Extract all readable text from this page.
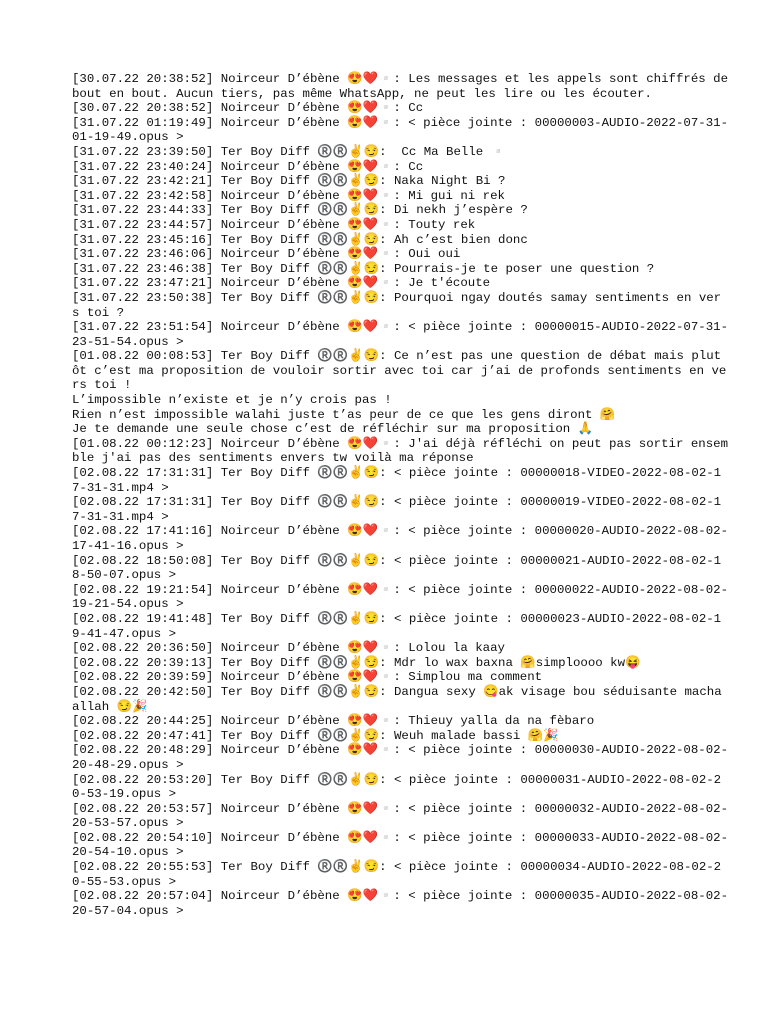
[30.07.22 20:38:52] Noirceur D’ébène 😍❤️▫️: Les messages et les appels sont chiffrés de bout en bout. Aucun tiers, pas même WhatsApp, ne peut les lire ou les écouter.
[30.07.22 20:38:52] Noirceur D’ébène 😍❤️▫️: Cc
[31.07.22 01:19:49] Noirceur D’ébène 😍❤️▫️: < pièce jointe : 00000003-AUDIO-2022-07-31-01-19-49.opus >
[31.07.22 23:39:50] Ter Boy Diff ®️®️✌️😏:  Cc Ma Belle ▫️
[31.07.22 23:40:24] Noirceur D’ébène 😍❤️▫️: Cc
[31.07.22 23:42:21] Ter Boy Diff ®️®️✌️😏: Naka Night Bi ?
[31.07.22 23:42:58] Noirceur D’ébène 😍❤️▫️: Mi gui ni rek
[31.07.22 23:44:33] Ter Boy Diff ®️®️✌️😏: Di nekh j’espère ?
[31.07.22 23:44:57] Noirceur D’ébène 😍❤️▫️: Touty rek
[31.07.22 23:45:16] Ter Boy Diff ®️®️✌️😏: Ah c’est bien donc
[31.07.22 23:46:06] Noirceur D’ébène 😍❤️▫️: Oui oui
[31.07.22 23:46:38] Ter Boy Diff ®️®️✌️😏: Pourrais-je te poser une question ?
[31.07.22 23:47:21] Noirceur D’ébène 😍❤️▫️: Je t'écoute
[31.07.22 23:50:38] Ter Boy Diff ®️®️✌️😏: Pourquoi ngay doutés samay sentiments en vers toi ?
[31.07.22 23:51:54] Noirceur D’ébène 😍❤️▫️: < pièce jointe : 00000015-AUDIO-2022-07-31-23-51-54.opus >
[01.08.22 00:08:53] Ter Boy Diff ®️®️✌️😏: Ce n’est pas une question de débat mais plutôt c’est ma proposition de vouloir sortir avec toi car j’ai de profonds sentiments en vers toi !
L’impossible n’existe et je n’y crois pas !
Rien n’est impossible walahi juste t’as peur de ce que les gens diront 🤗
Je te demande une seule chose c’est de réfléchir sur ma proposition 🙏
[01.08.22 00:12:23] Noirceur D’ébène 😍❤️▫️: J'ai déjà réfléchi on peut pas sortir ensemble j'ai pas des sentiments envers tw voilà ma réponse
[02.08.22 17:31:31] Ter Boy Diff ®️®️✌️😏: < pièce jointe : 00000018-VIDEO-2022-08-02-17-31-31.mp4 >
[02.08.22 17:31:31] Ter Boy Diff ®️®️✌️😏: < pièce jointe : 00000019-VIDEO-2022-08-02-17-31-31.mp4 >
[02.08.22 17:41:16] Noirceur D’ébène 😍❤️▫️: < pièce jointe : 00000020-AUDIO-2022-08-02-17-41-16.opus >
[02.08.22 18:50:08] Ter Boy Diff ®️®️✌️😏: < pièce jointe : 00000021-AUDIO-2022-08-02-18-50-07.opus >
[02.08.22 19:21:54] Noirceur D’ébène 😍❤️▫️: < pièce jointe : 00000022-AUDIO-2022-08-02-19-21-54.opus >
[02.08.22 19:41:48] Ter Boy Diff ®️®️✌️😏: < pièce jointe : 00000023-AUDIO-2022-08-02-19-41-47.opus >
[02.08.22 20:36:50] Noirceur D’ébène 😍❤️▫️: Lolou la kaay
[02.08.22 20:39:13] Ter Boy Diff ®️®️✌️😏: Mdr lo wax baxna 🤗simploooo kw😝
[02.08.22 20:39:59] Noirceur D’ébène 😍❤️▫️: Simplou ma comment
[02.08.22 20:42:50] Ter Boy Diff ®️®️✌️😏: Dangua sexy 😋ak visage bou séduisante machaallah 😏🎉
[02.08.22 20:44:25] Noirceur D’ébène 😍❤️▫️: Thieuy yalla da na fèbaro
[02.08.22 20:47:41] Ter Boy Diff ®️®️✌️😏: Weuh malade bassi 🤗🎉
[02.08.22 20:48:29] Noirceur D’ébène 😍❤️▫️: < pièce jointe : 00000030-AUDIO-2022-08-02-20-48-29.opus >
[02.08.22 20:53:20] Ter Boy Diff ®️®️✌️😏: < pièce jointe : 00000031-AUDIO-2022-08-02-20-53-19.opus >
[02.08.22 20:53:57] Noirceur D’ébène 😍❤️▫️: < pièce jointe : 00000032-AUDIO-2022-08-02-20-53-57.opus >
[02.08.22 20:54:10] Noirceur D’ébène 😍❤️▫️: < pièce jointe : 00000033-AUDIO-2022-08-02-20-54-10.opus >
[02.08.22 20:55:53] Ter Boy Diff ®️®️✌️😏: < pièce jointe : 00000034-AUDIO-2022-08-02-20-55-53.opus >
[02.08.22 20:57:04] Noirceur D’ébène 😍❤️▫️: < pièce jointe : 00000035-AUDIO-2022-08-02-20-57-04.opus >
